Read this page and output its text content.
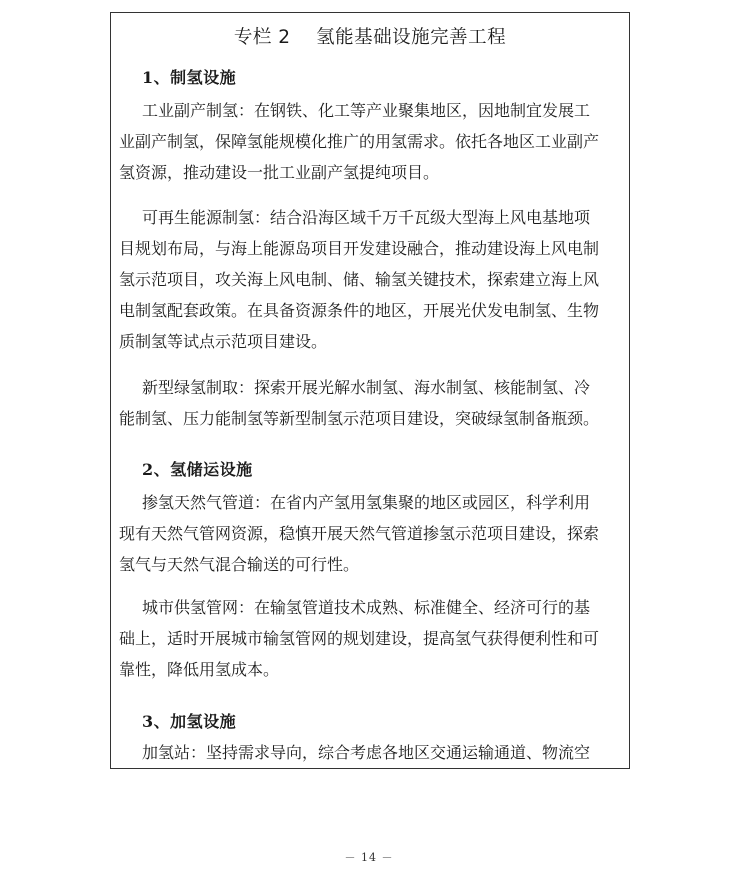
专栏 2    氢能基础设施完善工程
1、制氢设施
工业副产制氢：在钢铁、化工等产业聚集地区，因地制宜发展工
业副产制氢，保障氢能规模化推广的用氢需求。依托各地区工业副产
氢资源，推动建设一批工业副产氢提纯项目。
可再生能源制氢：结合沿海区域千万千瓦级大型海上风电基地项
目规划布局，与海上能源岛项目开发建设融合，推动建设海上风电制
氢示范项目，攻关海上风电制、储、输氢关键技术，探索建立海上风
电制氢配套政策。在具备资源条件的地区，开展光伏发电制氢、生物
质制氢等试点示范项目建设。
新型绿氢制取：探索开展光解水制氢、海水制氢、核能制氢、冷
能制氢、压力能制氢等新型制氢示范项目建设，突破绿氢制备瓶颈。
2、氢储运设施
掺氢天然气管道：在省内产氢用氢集聚的地区或园区，科学利用
现有天然气管网资源，稳慎开展天然气管道掺氢示范项目建设，探索
氢气与天然气混合输送的可行性。
城市供氢管网：在输氢管道技术成熟、标准健全、经济可行的基
础上，适时开展城市输氢管网的规划建设，提高氢气获得便利性和可
靠性，降低用氢成本。
3、加氢设施
加氢站：坚持需求导向，综合考虑各地区交通运输通道、物流空
－ 14 －
